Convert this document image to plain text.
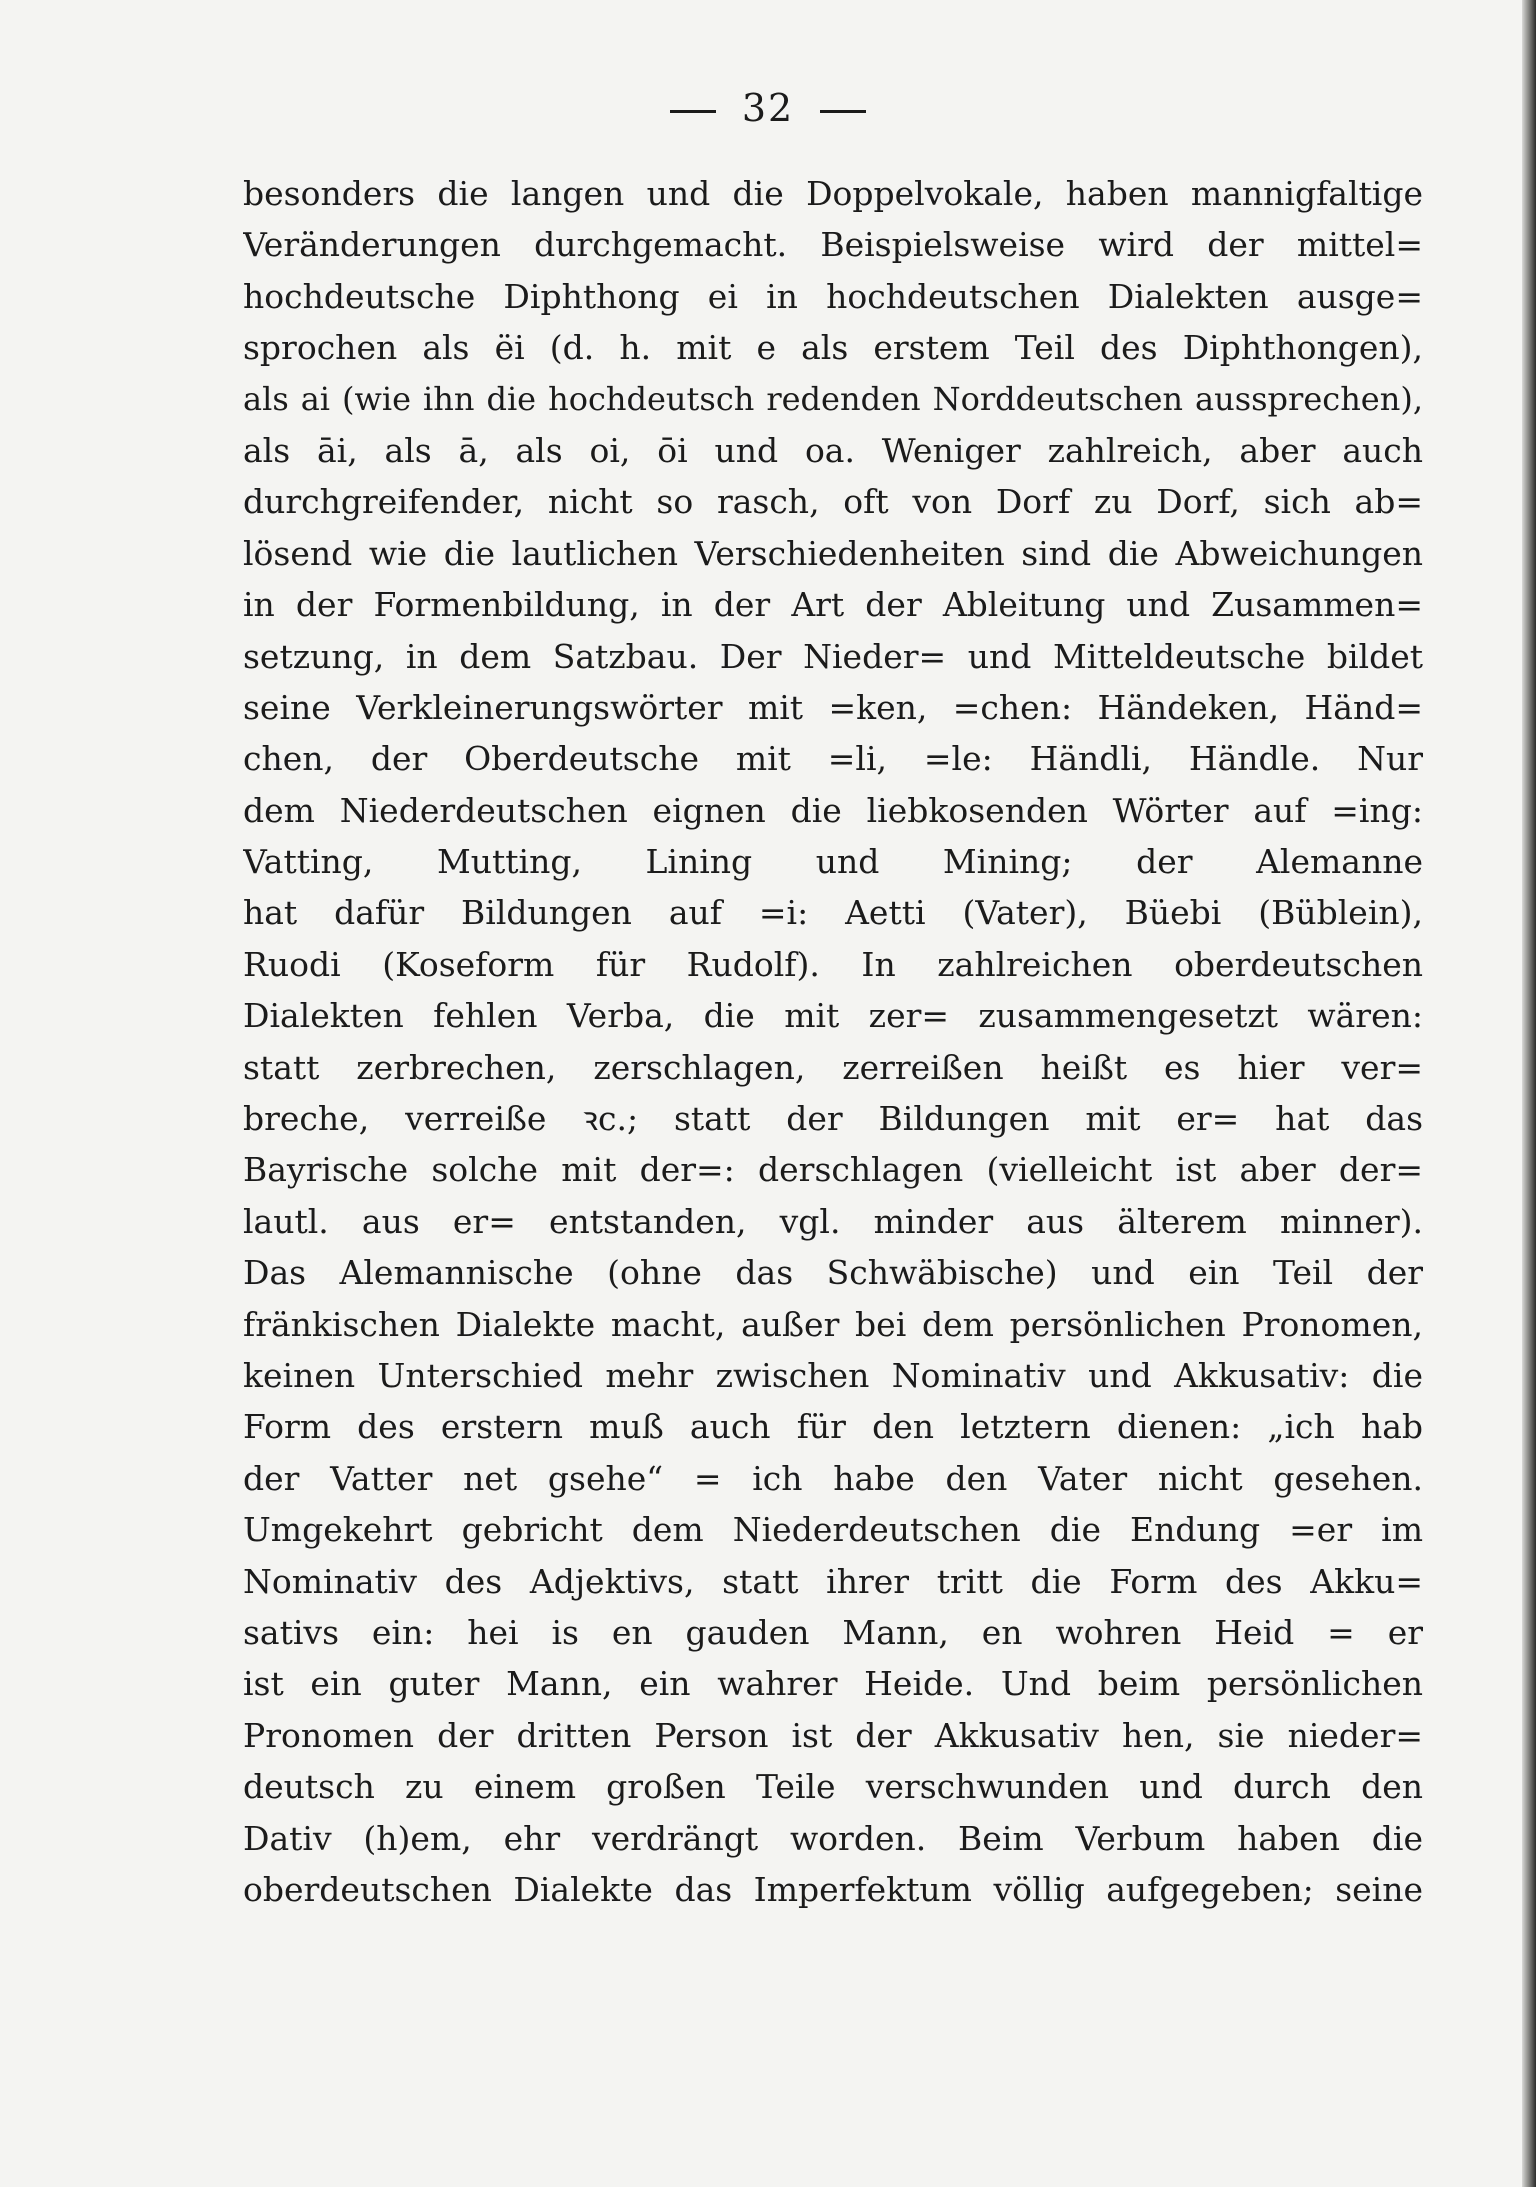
32
besonders die langen und die Doppelvokale, haben mannigfaltige
Veränderungen durchgemacht. Beispielsweise wird der mittel=
hochdeutsche Diphthong ei in hochdeutschen Dialekten ausge=
sprochen als ëi (d. h. mit e als erstem Teil des Diphthongen),
als ai (wie ihn die hochdeutsch redenden Norddeutschen aussprechen),
als āi, als ā, als oi, ōi und oa. Weniger zahlreich, aber auch
durchgreifender, nicht so rasch, oft von Dorf zu Dorf, sich ab=
lösend wie die lautlichen Verschiedenheiten sind die Abweichungen
in der Formenbildung, in der Art der Ableitung und Zusammen=
setzung, in dem Satzbau. Der Nieder= und Mitteldeutsche bildet
seine Verkleinerungswörter mit =ken, =chen: Händeken, Händ=
chen, der Oberdeutsche mit =li, =le: Händli, Händle. Nur
dem Niederdeutschen eignen die liebkosenden Wörter auf =ing:
Vatting, Mutting, Lining und Mining; der Alemanne
hat dafür Bildungen auf =i: Aetti (Vater), Büebi (Büblein),
Ruodi (Koseform für Rudolf). In zahlreichen oberdeutschen
Dialekten fehlen Verba, die mit zer= zusammengesetzt wären:
statt zerbrechen, zerschlagen, zerreißen heißt es hier ver=
breche, verreiße ꝛc.; statt der Bildungen mit er= hat das
Bayrische solche mit der=: derschlagen (vielleicht ist aber der=
lautl. aus er= entstanden, vgl. minder aus älterem minner).
Das Alemannische (ohne das Schwäbische) und ein Teil der
fränkischen Dialekte macht, außer bei dem persönlichen Pronomen,
keinen Unterschied mehr zwischen Nominativ und Akkusativ: die
Form des erstern muß auch für den letztern dienen: „ich hab
der Vatter net gsehe“ = ich habe den Vater nicht gesehen.
Umgekehrt gebricht dem Niederdeutschen die Endung =er im
Nominativ des Adjektivs, statt ihrer tritt die Form des Akku=
sativs ein: hei is en gauden Mann, en wohren Heid = er
ist ein guter Mann, ein wahrer Heide. Und beim persönlichen
Pronomen der dritten Person ist der Akkusativ hen, sie nieder=
deutsch zu einem großen Teile verschwunden und durch den
Dativ (h)em, ehr verdrängt worden. Beim Verbum haben die
oberdeutschen Dialekte das Imperfektum völlig aufgegeben; seine
